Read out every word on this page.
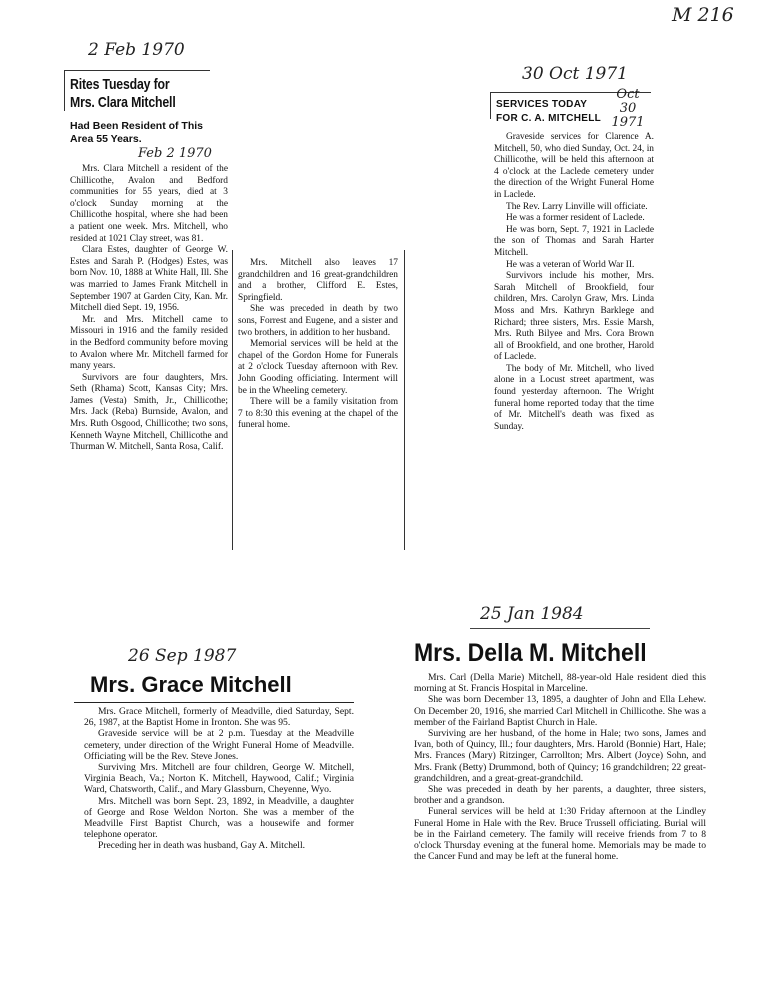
M 216
2 Feb 1970
Rites Tuesday for
Mrs. Clara Mitchell
Had Been Resident of This Area 55 Years.
Feb 2 1970

Mrs. Clara Mitchell a resident of the Chillicothe, Avalon and Bedford communities for 55 years, died at 3 o'clock Sunday morning at the Chillicothe hospital, where she had been a patient one week. Mrs. Mitchell, who resided at 1021 Clay street, was 81.

Clara Estes, daughter of George W. Estes and Sarah P. (Hodges) Estes, was born Nov. 10, 1888 at White Hall, Ill. She was married to James Frank Mitchell in September 1907 at Garden City, Kan. Mr. Mitchell died Sept. 19, 1956.

Mr. and Mrs. Mitchell came to Missouri in 1916 and the family resided in the Bedford community before moving to Avalon where Mr. Mitchell farmed for many years.

Survivors are four daughters, Mrs. Seth (Rhama) Scott, Kansas City; Mrs. James (Vesta) Smith, Jr., Chillicothe; Mrs. Jack (Reba) Burnside, Avalon, and Mrs. Ruth Osgood, Chillicothe; two sons, Kenneth Wayne Mitchell, Chillicothe and Thurman W. Mitchell, Santa Rosa, Calif.

Mrs. Mitchell also leaves 17 grandchildren and 16 great-grandchildren and a brother, Clifford E. Estes, Springfield.

She was preceded in death by two sons, Forrest and Eugene, and a sister and two brothers, in addition to her husband.

Memorial services will be held at the chapel of the Gordon Home for Funerals at 2 o'clock Tuesday afternoon with Rev. John Gooding officiating. Interment will be in the Wheeling cemetery.

There will be a family visitation from 7 to 8:30 this evening at the chapel of the funeral home.

30 Oct 1971
SERVICES TODAY
FOR C. A. MITCHELL
Oct 30 1971

Graveside services for Clarence A. Mitchell, 50, who died Sunday, Oct. 24, in Chillicothe, will be held this afternoon at 4 o'clock at the Laclede cemetery under the direction of the Wright Funeral Home in Laclede.

The Rev. Larry Linville will officiate.

He was a former resident of Laclede.

He was born, Sept. 7, 1921 in Laclede the son of Thomas and Sarah Harter Mitchell.

He was a veteran of World War II.

Survivors include his mother, Mrs. Sarah Mitchell of Brookfield, four children, Mrs. Carolyn Graw, Mrs. Linda Moss and Mrs. Kathryn Barklege and Richard; three sisters, Mrs. Essie Marsh, Mrs. Ruth Bilyee and Mrs. Cora Brown all of Brookfield, and one brother, Harold of Laclede.

The body of Mr. Mitchell, who lived alone in a Locust street apartment, was found yesterday afternoon. The Wright funeral home reported today that the time of Mr. Mitchell's death was fixed as Sunday.

26 Sep 1987
Mrs. Grace Mitchell

Mrs. Grace Mitchell, formerly of Meadville, died Saturday, Sept. 26, 1987, at the Baptist Home in Ironton. She was 95.

Graveside service will be at 2 p.m. Tuesday at the Meadville cemetery, under direction of the Wright Funeral Home of Meadville. Officiating will be the Rev. Steve Jones.

Surviving Mrs. Mitchell are four children, George W. Mitchell, Virginia Beach, Va.; Norton K. Mitchell, Haywood, Calif.; Virginia Ward, Chatsworth, Calif., and Mary Glassburn, Cheyenne, Wyo.

Mrs. Mitchell was born Sept. 23, 1892, in Meadville, a daughter of George and Rose Weldon Norton. She was a member of the Meadville First Baptist Church, was a housewife and former telephone operator.

Preceding her in death was husband, Gay A. Mitchell.

25 Jan 1984
Mrs. Della M. Mitchell

Mrs. Carl (Della Marie) Mitchell, 88-year-old Hale resident died this morning at St. Francis Hospital in Marceline.

She was born December 13, 1895, a daughter of John and Ella Lehew. On December 20, 1916, she married Carl Mitchell in Chillicothe. She was a member of the Fairland Baptist Church in Hale.

Surviving are her husband, of the home in Hale; two sons, James and Ivan, both of Quincy, Ill.; four daughters, Mrs. Harold (Bonnie) Hart, Hale; Mrs. Frances (Mary) Ritzinger, Carrollton; Mrs. Albert (Joyce) Sohn, and Mrs. Frank (Betty) Drummond, both of Quincy; 16 grandchildren; 22 great-grandchildren, and a great-great-grandchild.

She was preceded in death by her parents, a daughter, three sisters, brother and a grandson.

Funeral services will be held at 1:30 Friday afternoon at the Lindley Funeral Home in Hale with the Rev. Bruce Trussell officiating. Burial will be in the Fairland cemetery. The family will receive friends from 7 to 8 o'clock Thursday evening at the funeral home. Memorials may be made to the Cancer Fund and may be left at the funeral home.
